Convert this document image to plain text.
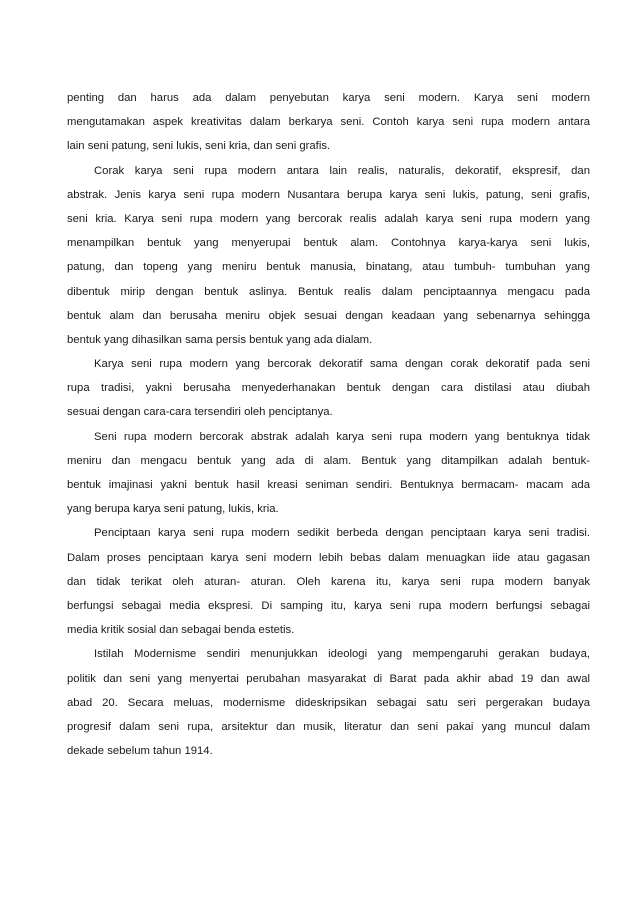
penting dan harus ada dalam penyebutan karya seni modern. Karya seni modern
mengutamakan aspek kreativitas dalam berkarya seni. Contoh karya seni rupa modern antara
lain seni patung, seni lukis, seni kria, dan seni grafis.
Corak karya seni rupa modern antara lain realis, naturalis, dekoratif, ekspresif, dan
abstrak. Jenis karya seni rupa modern Nusantara berupa karya seni lukis, patung, seni grafis,
seni kria. Karya seni rupa modern yang bercorak realis adalah karya seni rupa modern yang
menampilkan bentuk yang menyerupai bentuk alam. Contohnya karya-karya seni lukis,
patung, dan topeng yang meniru bentuk manusia, binatang, atau tumbuh- tumbuhan yang
dibentuk mirip dengan bentuk aslinya. Bentuk realis dalam penciptaannya mengacu pada
bentuk alam dan berusaha meniru objek sesuai dengan keadaan yang sebenarnya sehingga
bentuk yang dihasilkan sama persis bentuk yang ada dialam.
Karya seni rupa modern yang bercorak dekoratif sama dengan corak dekoratif pada seni
rupa tradisi, yakni berusaha menyederhanakan bentuk dengan cara distilasi atau diubah
sesuai dengan cara-cara tersendiri oleh penciptanya.
Seni rupa modern bercorak abstrak adalah karya seni rupa modern yang bentuknya tidak
meniru dan mengacu bentuk yang ada di alam. Bentuk yang ditampilkan adalah bentuk-
bentuk imajinasi yakni bentuk hasil kreasi seniman sendiri. Bentuknya bermacam- macam ada
yang berupa karya seni patung, lukis, kria.
Penciptaan karya seni rupa modern sedikit berbeda dengan penciptaan karya seni tradisi.
Dalam proses penciptaan karya seni modern lebih bebas dalam menuagkan iide atau gagasan
dan tidak terikat oleh aturan- aturan. Oleh karena itu, karya seni rupa modern banyak
berfungsi sebagai media ekspresi. Di samping itu, karya seni rupa modern berfungsi sebagai
media kritik sosial dan sebagai benda estetis.
Istilah Modernisme sendiri menunjukkan ideologi yang mempengaruhi gerakan budaya,
politik dan seni yang menyertai perubahan masyarakat di Barat pada akhir abad 19 dan awal
abad 20. Secara meluas, modernisme dideskripsikan sebagai satu seri pergerakan budaya
progresif dalam seni rupa, arsitektur dan musik, literatur dan seni pakai yang muncul dalam
dekade sebelum tahun 1914.
